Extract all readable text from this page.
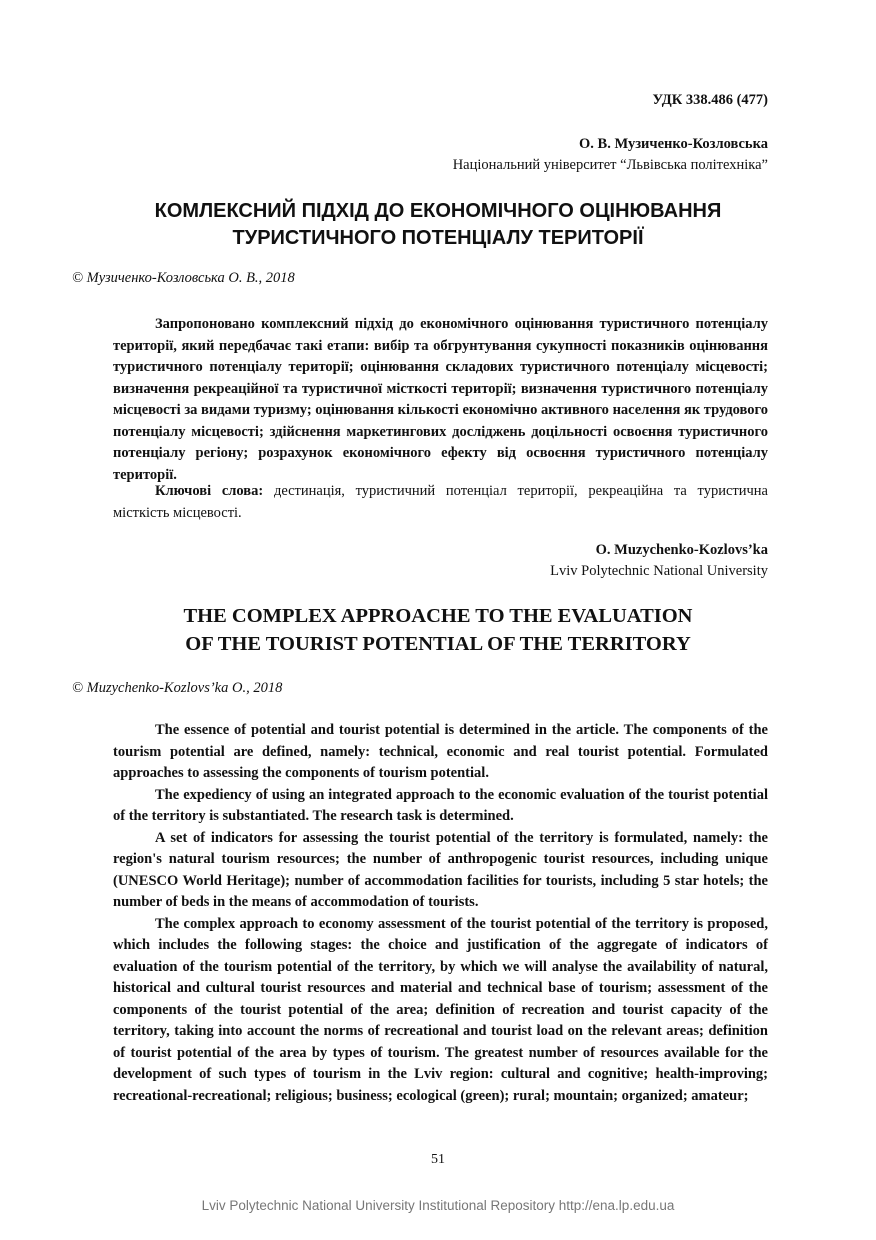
УДК 338.486 (477)
О. В. Музиченко-Козловська
Національний університет “Львівська політехніка”
КОМЛЕКСНИЙ ПІДХІД ДО ЕКОНОМІЧНОГО ОЦІНЮВАННЯ
ТУРИСТИЧНОГО ПОТЕНЦІАЛУ ТЕРИТОРІЇ
© Музиченко-Козловська О. В., 2018

Запропоновано комплексний підхід до економічного оцінювання туристичного потенціалу території, який передбачає такі етапи: вибір та обгрунтування сукупності показників оцінювання туристичного потенціалу території; оцінювання складових туристичного потенціалу місцевості; визначення рекреаційної та туристичної місткості території; визначення туристичного потенціалу місцевості за видами туризму; оцінювання кількості економічно активного населення як трудового потенціалу місцевості; здійснення маркетингових досліджень доцільності освоєння туристичного потенціалу регіону; розрахунок економічного ефекту від освоєння туристичного потенціалу території.

Ключові слова: дестинація, туристичний потенціал території, рекреаційна та туристична місткість місцевості.

O. Muzychenko-Kozlovs’ka
Lviv Polytechnic National University
THE COMPLEX APPROACHE TO THE EVALUATION
OF THE TOURIST POTENTIAL OF THE TERRITORY
© Muzychenko-Kozlovs’ka O., 2018

The essence of potential and tourist potential is determined in the article. The components of the tourism potential are defined, namely: technical, economic and real tourist potential. Formulated approaches to assessing the components of tourism potential.

The expediency of using an integrated approach to the economic evaluation of the tourist potential of the territory is substantiated. The research task is determined.

A set of indicators for assessing the tourist potential of the territory is formulated, namely: the region's natural tourism resources; the number of anthropogenic tourist resources, including unique (UNESCO World Heritage); number of accommodation facilities for tourists, including 5 star hotels; the number of beds in the means of accommodation of tourists.

The complex approach to economy assessment of the tourist potential of the territory is proposed, which includes the following stages: the choice and justification of the aggregate of indicators of evaluation of the tourism potential of the territory, by which we will analyse the availability of natural, historical and cultural tourist resources and material and technical base of tourism; assessment of the components of the tourist potential of the area; definition of recreation and tourist capacity of the territory, taking into account the norms of recreational and tourist load on the relevant areas; definition of tourist potential of the area by types of tourism. The greatest number of resources available for the development of such types of tourism in the Lviv region: cultural and cognitive; health-improving; recreational-recreational; religious; business; ecological (green); rural; mountain; organized; amateur;

51
Lviv Polytechnic National University Institutional Repository http://ena.lp.edu.ua
